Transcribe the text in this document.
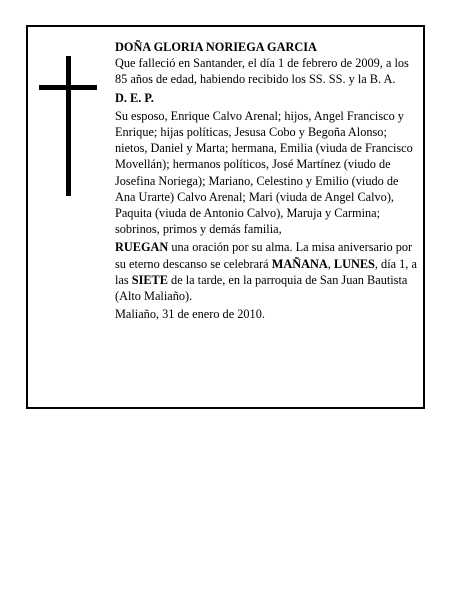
DOÑA GLORIA NORIEGA GARCIA

Que falleció en Santander, el día 1 de febrero de 2009, a los 85 años de edad, habiendo recibido los SS. SS. y la B. A.

D. E. P.

Su esposo, Enrique Calvo Arenal; hijos, Angel Francisco y Enrique; hijas políticas, Jesusa Cobo y Begoña Alonso; nietos, Daniel y Marta; hermana, Emilia (viuda de Francisco Movellán); hermanos políticos, José Martínez (viudo de Josefina Noriega); Mariano, Celestino y Emilio (viudo de Ana Urarte) Calvo Arenal; Mari (viuda de Angel Calvo), Paquita (viuda de Antonio Calvo), Maruja y Carmina; sobrinos, primos y demás familia,

RUEGAN una oración por su alma. La misa aniversario por su eterno descanso se celebrará MAÑANA, LUNES, día 1, a las SIETE de la tarde, en la parroquia de San Juan Bautista (Alto Maliaño).

Maliaño, 31 de enero de 2010.
